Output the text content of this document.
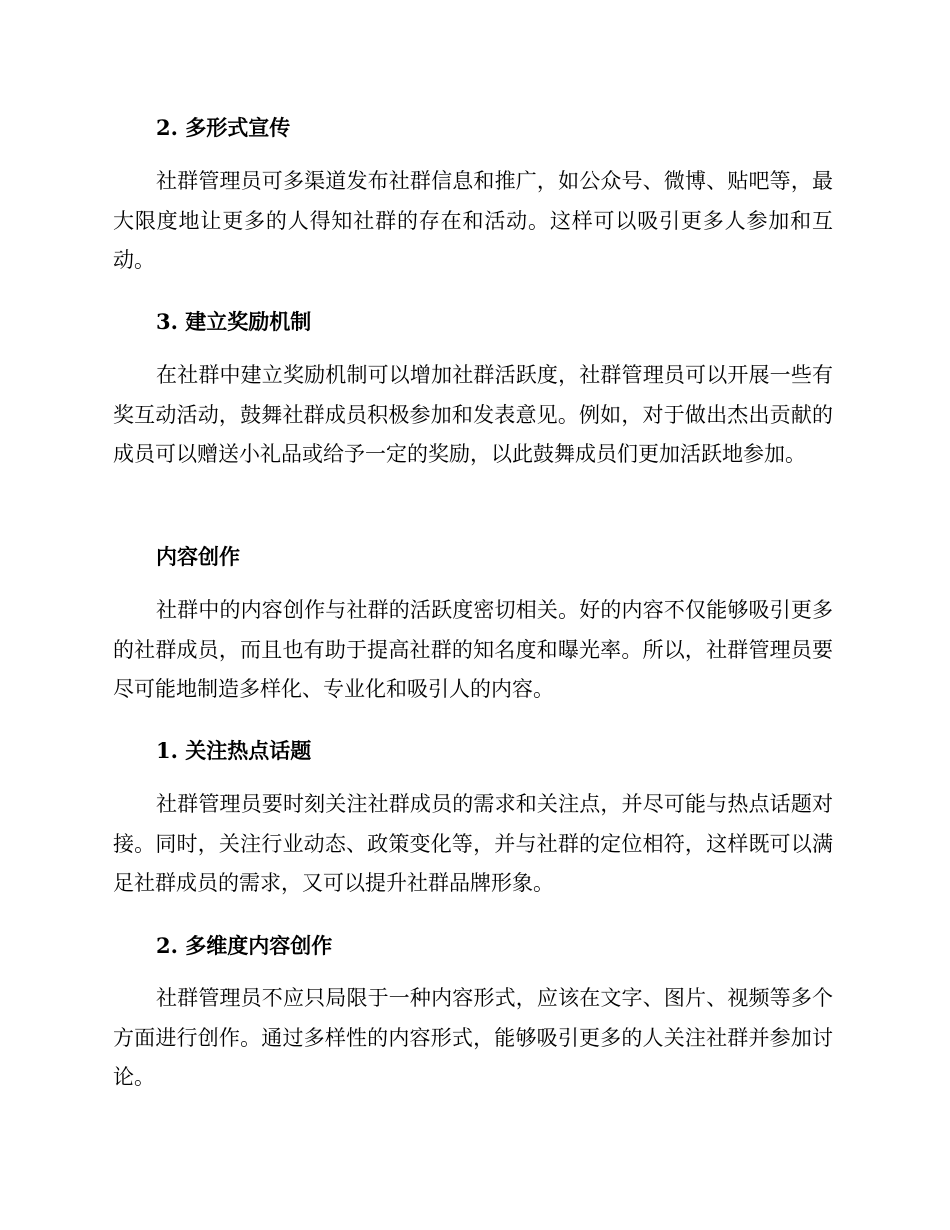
2. 多形式宣传
社群管理员可多渠道发布社群信息和推广，如公众号、微博、贴吧等，最大限度地让更多的人得知社群的存在和活动。这样可以吸引更多人参加和互动。
3. 建立奖励机制
在社群中建立奖励机制可以增加社群活跃度，社群管理员可以开展一些有奖互动活动，鼓舞社群成员积极参加和发表意见。例如，对于做出杰出贡献的成员可以赠送小礼品或给予一定的奖励，以此鼓舞成员们更加活跃地参加。
内容创作
社群中的内容创作与社群的活跃度密切相关。好的内容不仅能够吸引更多的社群成员，而且也有助于提高社群的知名度和曝光率。所以，社群管理员要尽可能地制造多样化、专业化和吸引人的内容。
1. 关注热点话题
社群管理员要时刻关注社群成员的需求和关注点，并尽可能与热点话题对接。同时，关注行业动态、政策变化等，并与社群的定位相符，这样既可以满足社群成员的需求，又可以提升社群品牌形象。
2. 多维度内容创作
社群管理员不应只局限于一种内容形式，应该在文字、图片、视频等多个方面进行创作。通过多样性的内容形式，能够吸引更多的人关注社群并参加讨论。
